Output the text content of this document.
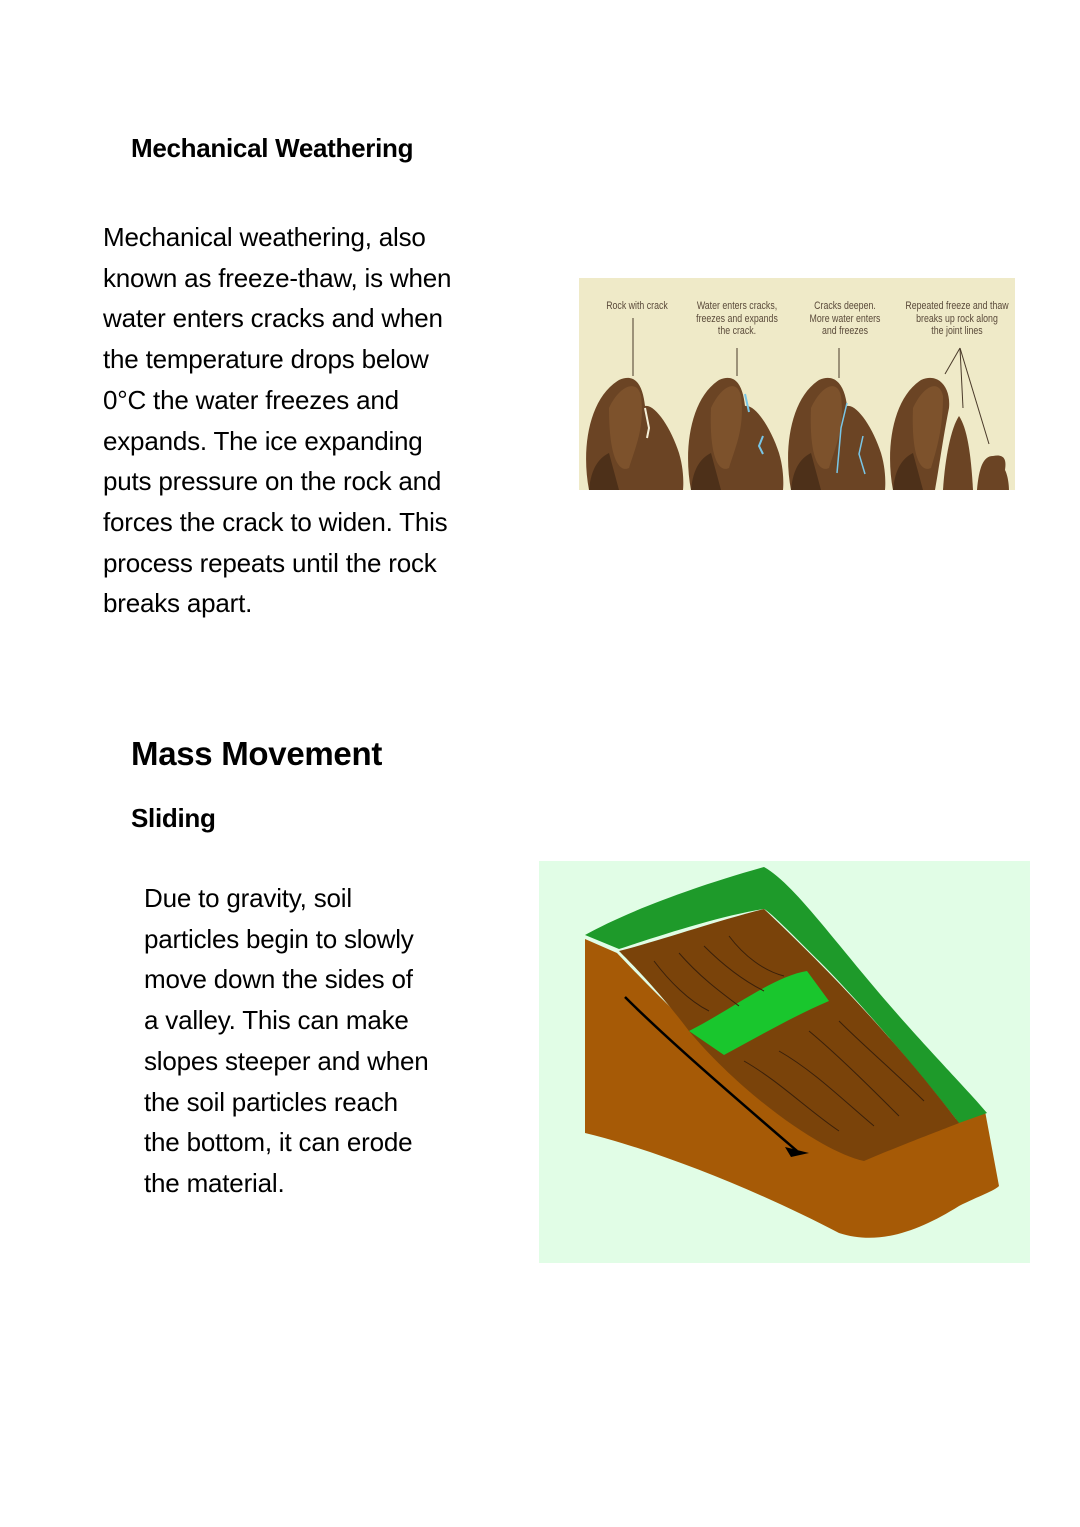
Mechanical Weathering
Mechanical weathering, also
known as freeze-thaw, is when
water enters cracks and when
the temperature drops below
0°C the water freezes and
expands. The ice expanding
puts pressure on the rock and
forces the crack to widen. This
process repeats until the rock
breaks apart.
Rock with crack	Water enters cracks,
freezes and expands
the crack.
Cracks deepen.
More water enters
and freezes
Repeated freeze and thaw
breaks up rock along
the joint lines
Mass Movement
Sliding
Due to gravity, soil
particles begin to slowly
move down the sides of
a valley. This can make
slopes steeper and when
the soil particles reach
the bottom, it can erode
the material.
